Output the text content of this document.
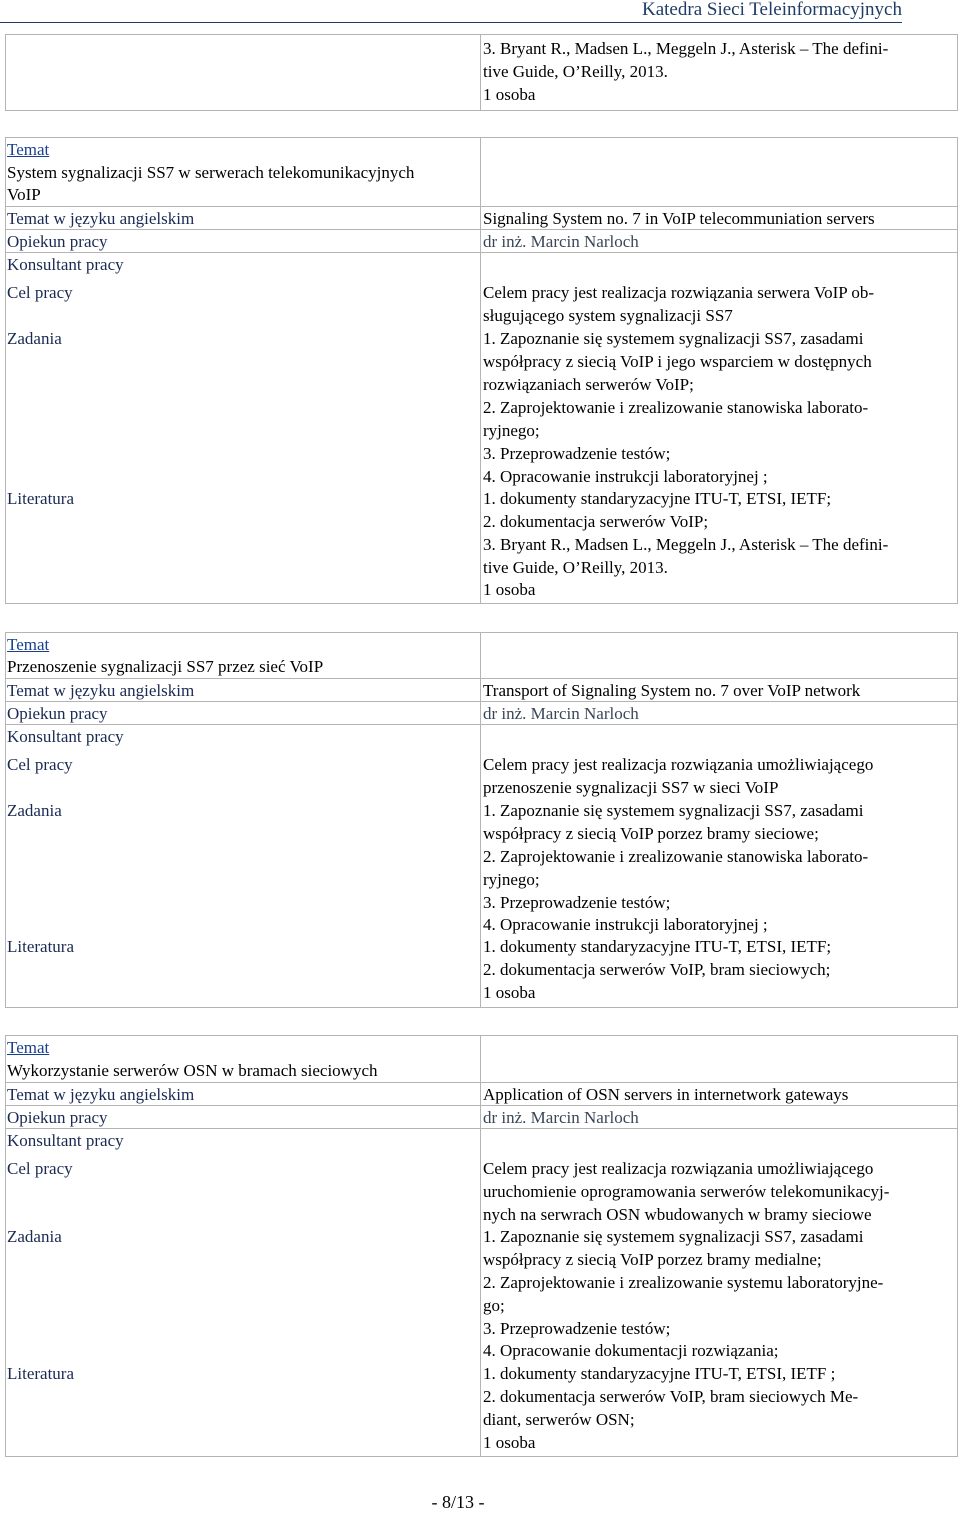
Katedra Sieci Teleinformacyjnych
3. Bryant R., Madsen L., Meggeln J., Asterisk – The defini-
tive Guide, O’Reilly, 2013.
1 osoba
Temat
System sygnalizacji SS7 w serwerach telekomunikacyjnych
VoIP
Temat w języku angielskim	Signaling System no. 7 in VoIP telecommuniation servers
Opiekun pracy	dr inż. Marcin Narloch
Konsultant pracy
Cel pracy	Celem pracy jest realizacja rozwiązania serwera VoIP ob-
sługującego system sygnalizacji SS7
Zadania	1. Zapoznanie się systemem sygnalizacji SS7, zasadami
współpracy z siecią VoIP i jego wsparciem w dostępnych
rozwiązaniach serwerów VoIP;
2. Zaprojektowanie i zrealizowanie stanowiska laborato-
ryjnego;
3. Przeprowadzenie testów;
4. Opracowanie instrukcji laboratoryjnej ;
Literatura	1. dokumenty standaryzacyjne ITU-T, ETSI, IETF;
2. dokumentacja serwerów VoIP;
3. Bryant R., Madsen L., Meggeln J., Asterisk – The defini-
tive Guide, O’Reilly, 2013.
1 osoba
Temat
Przenoszenie sygnalizacji SS7 przez sieć VoIP
Temat w języku angielskim	Transport of Signaling System no. 7 over VoIP network
Opiekun pracy	dr inż. Marcin Narloch
Konsultant pracy
Cel pracy	Celem pracy jest realizacja rozwiązania umożliwiającego
przenoszenie sygnalizacji SS7 w sieci VoIP
Zadania	1. Zapoznanie się systemem sygnalizacji SS7, zasadami
współpracy z siecią VoIP porzez bramy sieciowe;
2. Zaprojektowanie i zrealizowanie stanowiska laborato-
ryjnego;
3. Przeprowadzenie testów;
4. Opracowanie instrukcji laboratoryjnej ;
Literatura	1. dokumenty standaryzacyjne ITU-T, ETSI, IETF;
2. dokumentacja serwerów VoIP, bram sieciowych;
1 osoba
Temat
Wykorzystanie serwerów OSN w bramach sieciowych
Temat w języku angielskim	Application of OSN servers in internetwork gateways
Opiekun pracy	dr inż. Marcin Narloch
Konsultant pracy
Cel pracy	Celem pracy jest realizacja rozwiązania umożliwiającego
uruchomienie oprogramowania serwerów telekomunikacyj-
nych na serwrach OSN wbudowanych w bramy sieciowe
Zadania	1. Zapoznanie się systemem sygnalizacji SS7, zasadami
współpracy z siecią VoIP porzez bramy medialne;
2. Zaprojektowanie i zrealizowanie systemu laboratoryjne-
go;
3. Przeprowadzenie testów;
4. Opracowanie dokumentacji rozwiązania;
Literatura	1. dokumenty standaryzacyjne ITU-T, ETSI, IETF ;
2. dokumentacja serwerów VoIP, bram sieciowych Me-
diant, serwerów OSN;
1 osoba
- 8/13 -
